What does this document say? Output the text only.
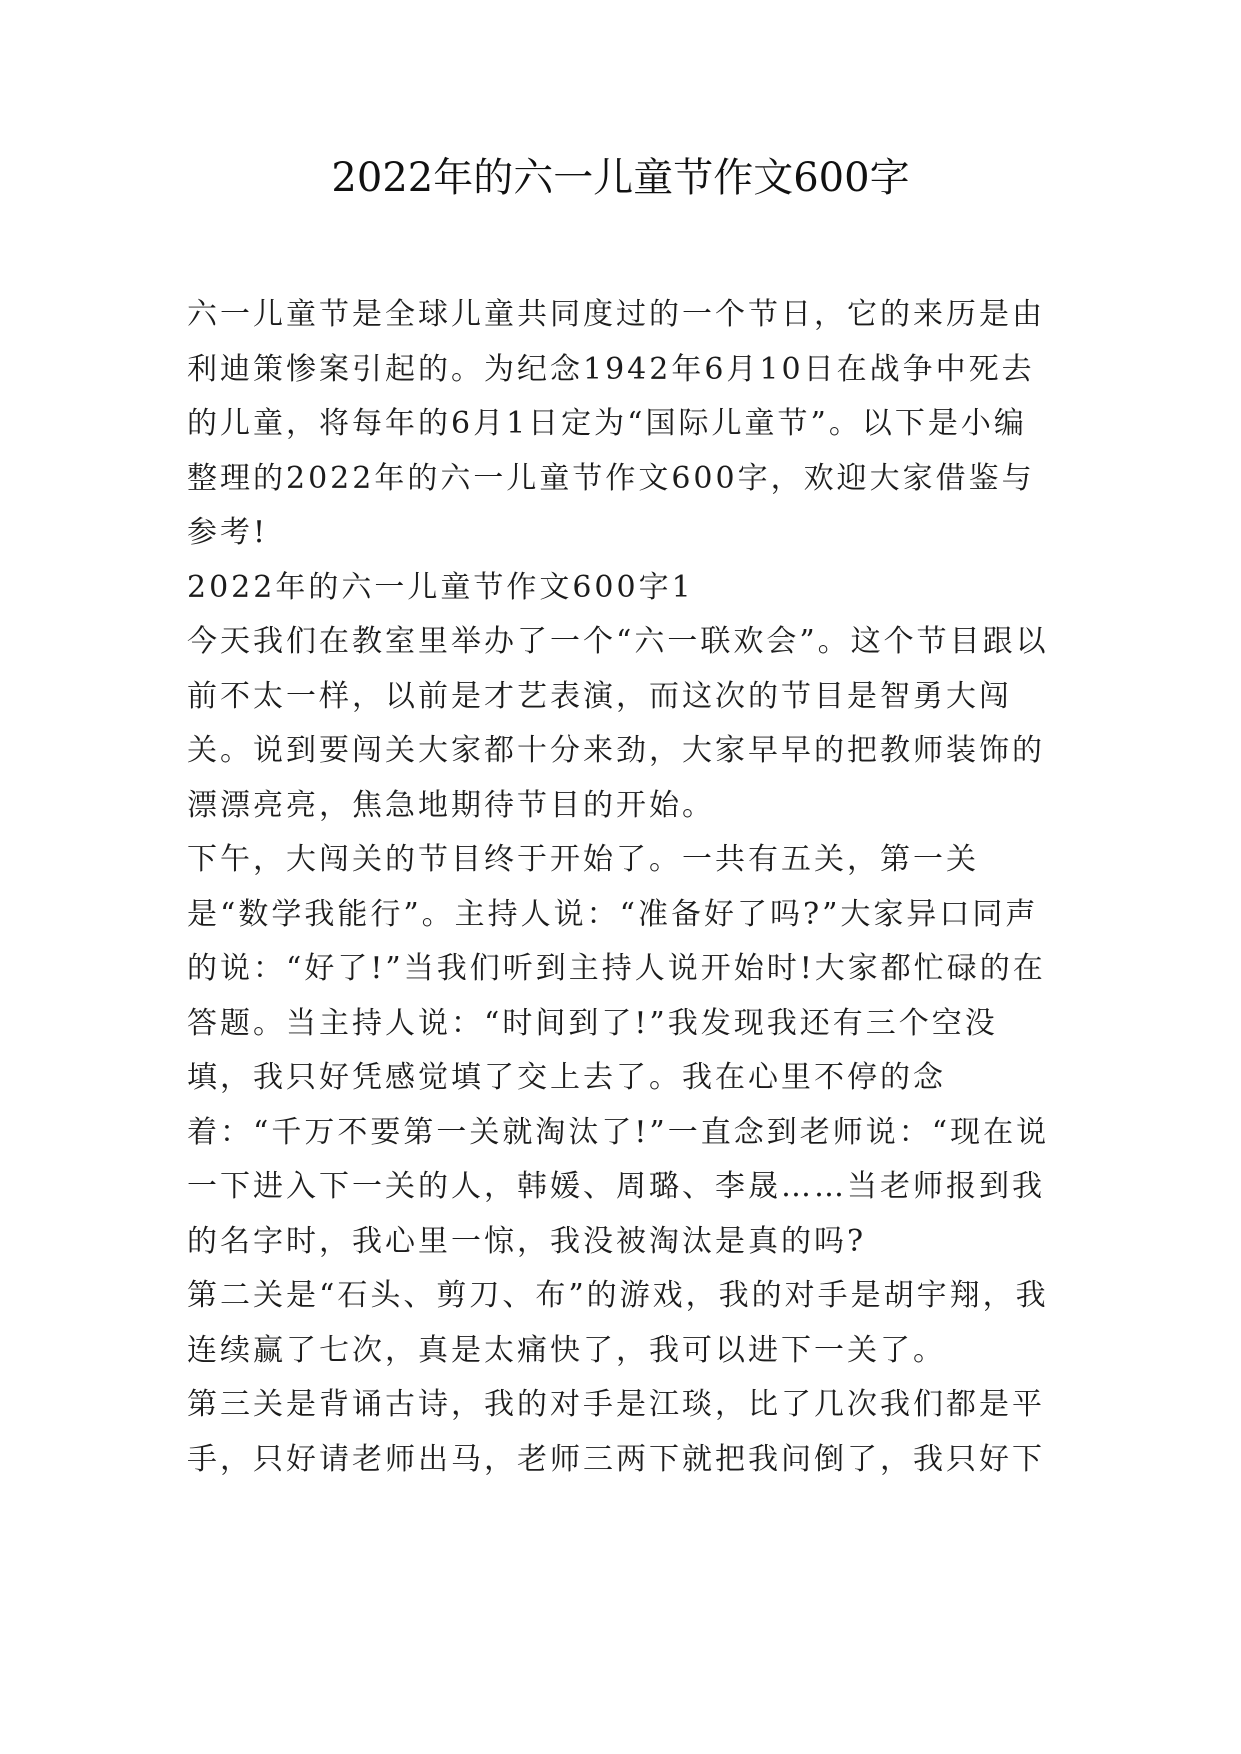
2022年的六一儿童节作文600字

六一儿童节是全球儿童共同度过的一个节日，它的来历是由利迪策惨案引起的。为纪念1942年6月10日在战争中死去的儿童，将每年的6月1日定为“国际儿童节”。以下是小编整理的2022年的六一儿童节作文600字，欢迎大家借鉴与参考!

2022年的六一儿童节作文600字1

今天我们在教室里举办了一个“六一联欢会”。这个节目跟以前不太一样，以前是才艺表演，而这次的节目是智勇大闯关。说到要闯关大家都十分来劲，大家早早的把教师装饰的漂漂亮亮，焦急地期待节目的开始。

下午，大闯关的节目终于开始了。一共有五关，第一关是“数学我能行”。主持人说：“准备好了吗?”大家异口同声的说：“好了!”当我们听到主持人说开始时!大家都忙碌的在答题。当主持人说：“时间到了!”我发现我还有三个空没填，我只好凭感觉填了交上去了。我在心里不停的念着：“千万不要第一关就淘汰了!”一直念到老师说：“现在说一下进入下一关的人，韩媛、周璐、李晟……当老师报到我的名字时，我心里一惊，我没被淘汰是真的吗?

第二关是“石头、剪刀、布”的游戏，我的对手是胡宇翔，我连续赢了七次，真是太痛快了，我可以进下一关了。

第三关是背诵古诗，我的对手是江琰，比了几次我们都是平手，只好请老师出马，老师三两下就把我问倒了，我只好下
